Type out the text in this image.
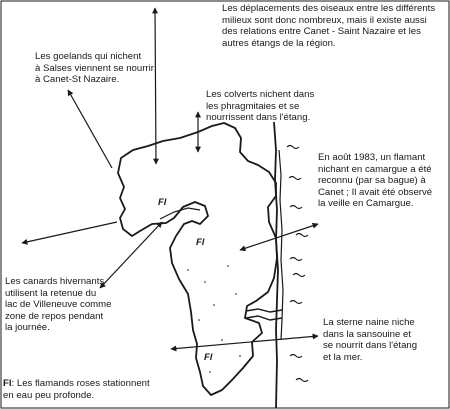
Les déplacements des oiseaux entre les différents
milieux sont donc nombreux, mais il existe aussi
des relations entre Canet - Saint Nazaire et les
autres étangs de la région.

Les goelands qui nichent
à Salses viennent se nourrir
à Canet-St Nazaire.

Les colverts nichent dans
les phragmitaies et se
nourrissent dans l'étang.

En août 1983, un flamant
nichant en camargue a été
reconnu (par sa bague) à
Canet ; Il avait été observé
la veille en Camargue.

Les canards hivernants
utilisent la retenue du
lac de Villeneuve comme
zone de repos pendant
la journée.	La sterne naine niche
dans la sansouine et
se nourrit dans l'étang
et la mer.

Fl
Fl
Fl
Fl: Les flamands roses stationnent
en eau peu profonde.
